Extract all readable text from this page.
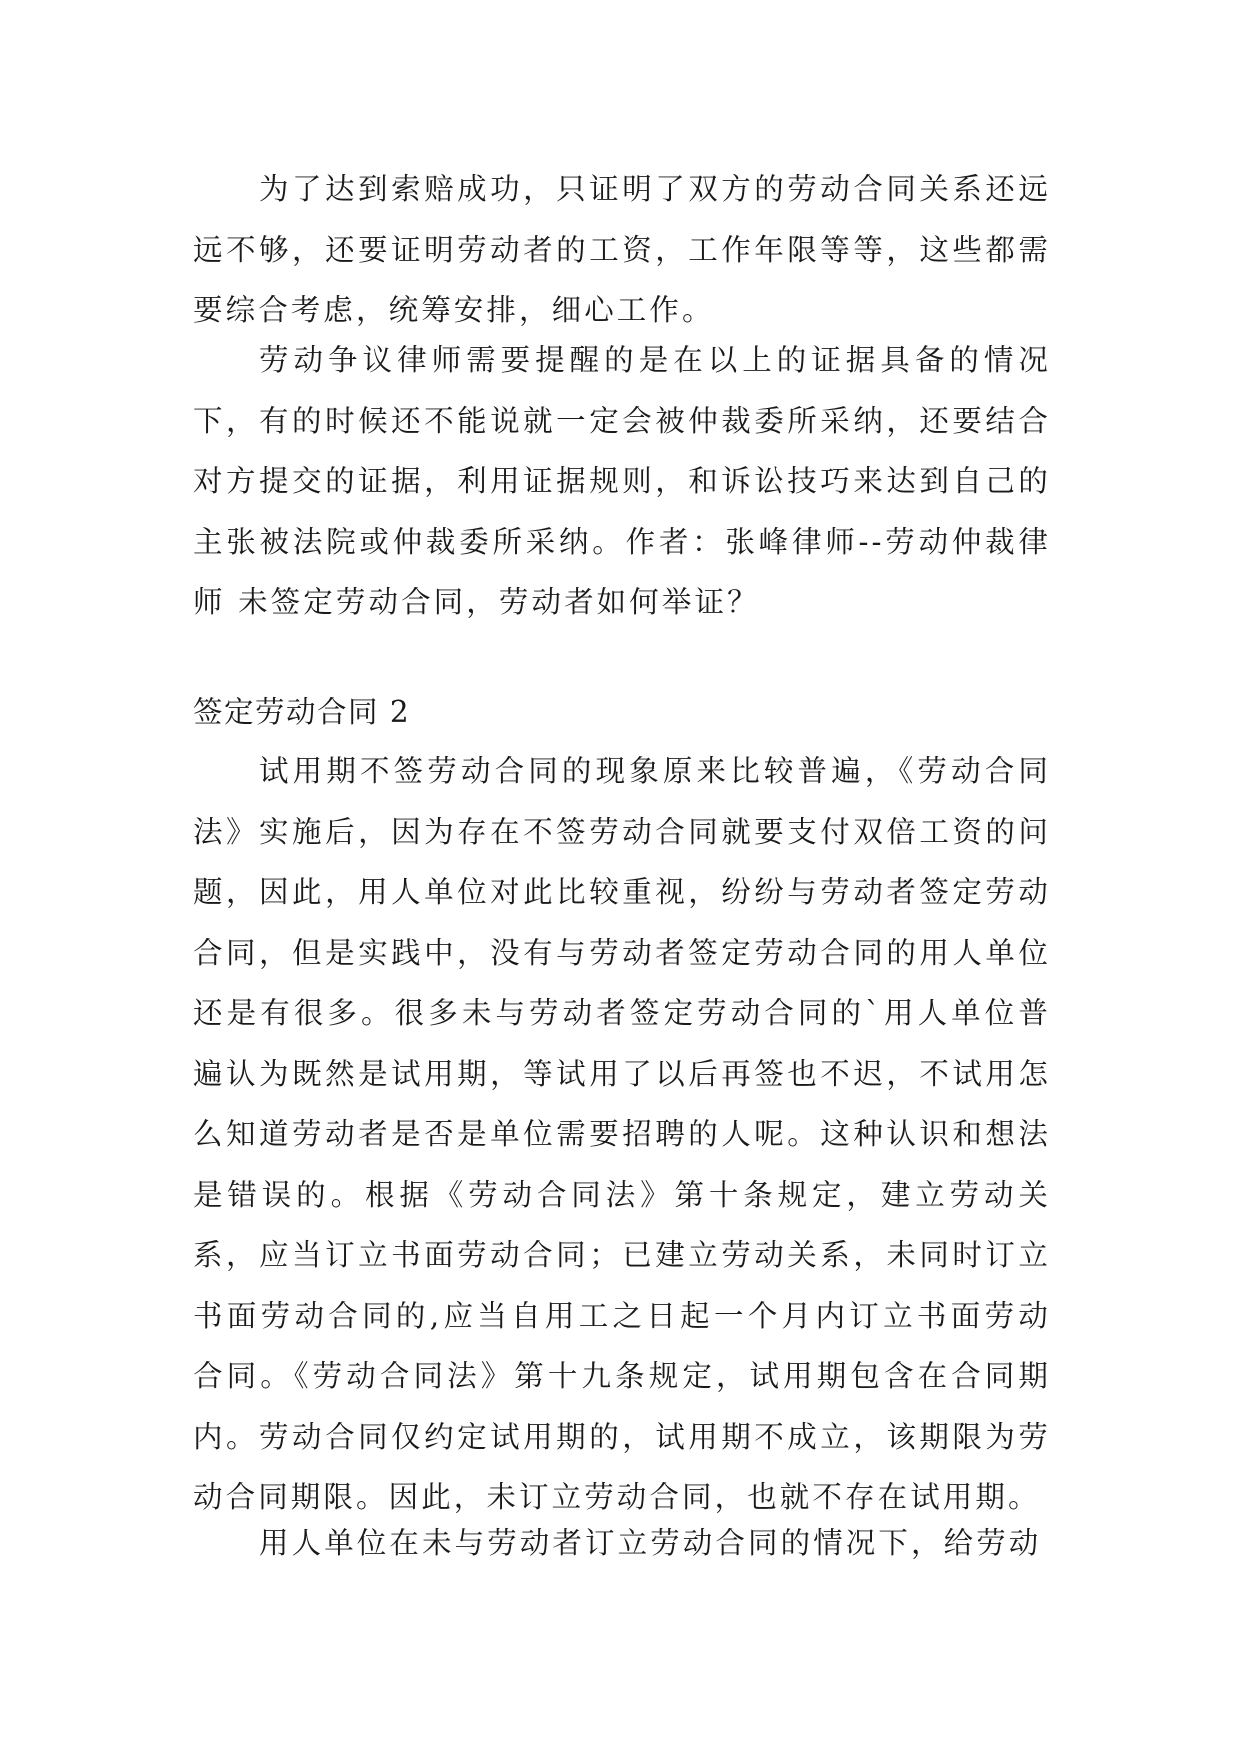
为了达到索赔成功，只证明了双方的劳动合同关系还远远不够，还要证明劳动者的工资，工作年限等等，这些都需要综合考虑，统筹安排，细心工作。

劳动争议律师需要提醒的是在以上的证据具备的情况下，有的时候还不能说就一定会被仲裁委所采纳，还要结合对方提交的证据，利用证据规则，和诉讼技巧来达到自己的主张被法院或仲裁委所采纳。作者：张峰律师--劳动仲裁律师 未签定劳动合同，劳动者如何举证？

签定劳动合同 2

试用期不签劳动合同的现象原来比较普遍，《劳动合同法》实施后，因为存在不签劳动合同就要支付双倍工资的问题，因此，用人单位对此比较重视，纷纷与劳动者签定劳动合同，但是实践中，没有与劳动者签定劳动合同的用人单位还是有很多。很多未与劳动者签定劳动合同的`用人单位普遍认为既然是试用期，等试用了以后再签也不迟，不试用怎么知道劳动者是否是单位需要招聘的人呢。这种认识和想法是错误的。根据《劳动合同法》第十条规定，建立劳动关系，应当订立书面劳动合同；已建立劳动关系，未同时订立书面劳动合同的,应当自用工之日起一个月内订立书面劳动合同。《劳动合同法》第十九条规定，试用期包含在合同期内。劳动合同仅约定试用期的，试用期不成立，该期限为劳动合同期限。因此，未订立劳动合同，也就不存在试用期。

用人单位在未与劳动者订立劳动合同的情况下，给劳动
